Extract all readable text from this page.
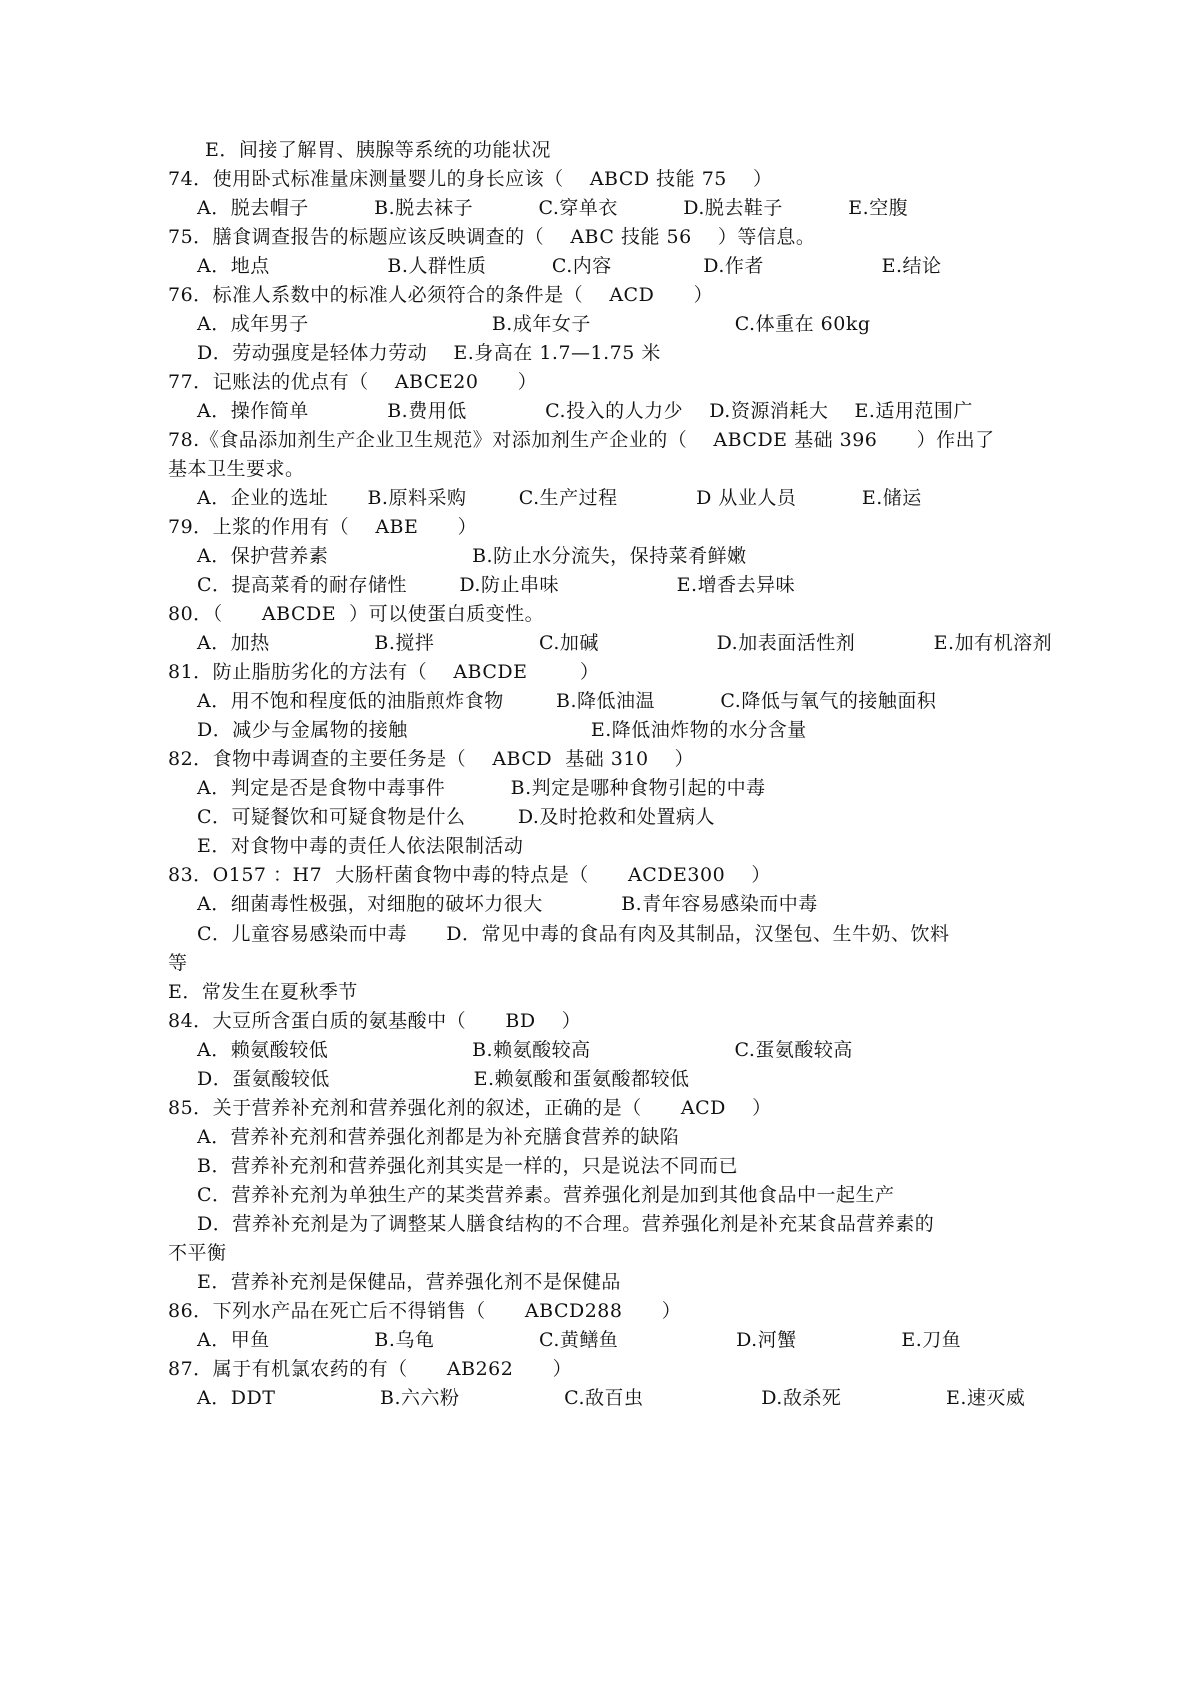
E．间接了解胃、胰腺等系统的功能状况
74．使用卧式标准量床测量婴儿的身长应该（    ABCD 技能 75    ）
A．脱去帽子          B.脱去袜子          C.穿单衣          D.脱去鞋子          E.空腹
75．膳食调查报告的标题应该反映调查的（    ABC 技能 56    ）等信息。
A．地点                  B.人群性质          C.内容              D.作者                  E.结论
76．标准人系数中的标准人必须符合的条件是（    ACD      ）
A．成年男子                            B.成年女子                      C.体重在 60kg
D．劳动强度是轻体力劳动    E.身高在 1.7—1.75 米
77．记账法的优点有（    ABCE20      ）
A．操作简单            B.费用低            C.投入的人力少    D.资源消耗大    E.适用范围广
78.《食品添加剂生产企业卫生规范》对添加剂生产企业的（    ABCDE 基础 396      ）作出了
基本卫生要求。
A．企业的选址      B.原料采购        C.生产过程            D 从业人员          E.储运
79．上浆的作用有（    ABE      ）
A．保护营养素                      B.防止水分流失，保持菜肴鲜嫩
C．提高菜肴的耐存储性        D.防止串味                  E.增香去异味
80．（      ABCDE  ）可以使蛋白质变性。
A．加热                B.搅拌                C.加碱                  D.加表面活性剂            E.加有机溶剂
81．防止脂肪劣化的方法有（    ABCDE        ）
A．用不饱和程度低的油脂煎炸食物        B.降低油温          C.降低与氧气的接触面积
D．减少与金属物的接触                            E.降低油炸物的水分含量
82．食物中毒调查的主要任务是（    ABCD  基础 310    ）
A．判定是否是食物中毒事件          B.判定是哪种食物引起的中毒
C．可疑餐饮和可疑食物是什么        D.及时抢救和处置病人
E．对食物中毒的责任人依法限制活动
83．O157 ：H7  大肠杆菌食物中毒的特点是（      ACDE300    ）
A．细菌毒性极强，对细胞的破坏力很大            B.青年容易感染而中毒
C．儿童容易感染而中毒      D．常见中毒的食品有肉及其制品，汉堡包、生牛奶、饮料
等
E．常发生在夏秋季节
84．大豆所含蛋白质的氨基酸中（      BD    ）
A．赖氨酸较低                      B.赖氨酸较高                      C.蛋氨酸较高
D．蛋氨酸较低                      E.赖氨酸和蛋氨酸都较低
85．关于营养补充剂和营养强化剂的叙述，正确的是（      ACD    ）
A．营养补充剂和营养强化剂都是为补充膳食营养的缺陷
B．营养补充剂和营养强化剂其实是一样的，只是说法不同而已
C．营养补充剂为单独生产的某类营养素。营养强化剂是加到其他食品中一起生产
D．营养补充剂是为了调整某人膳食结构的不合理。营养强化剂是补充某食品营养素的
不平衡
E．营养补充剂是保健品，营养强化剂不是保健品
86．下列水产品在死亡后不得销售（      ABCD288      ）
A．甲鱼                B.乌龟                C.黄鳝鱼                  D.河蟹                E.刀鱼
87．属于有机氯农药的有（      AB262      ）
A．DDT                B.六六粉                C.敌百虫                  D.敌杀死                E.速灭威
